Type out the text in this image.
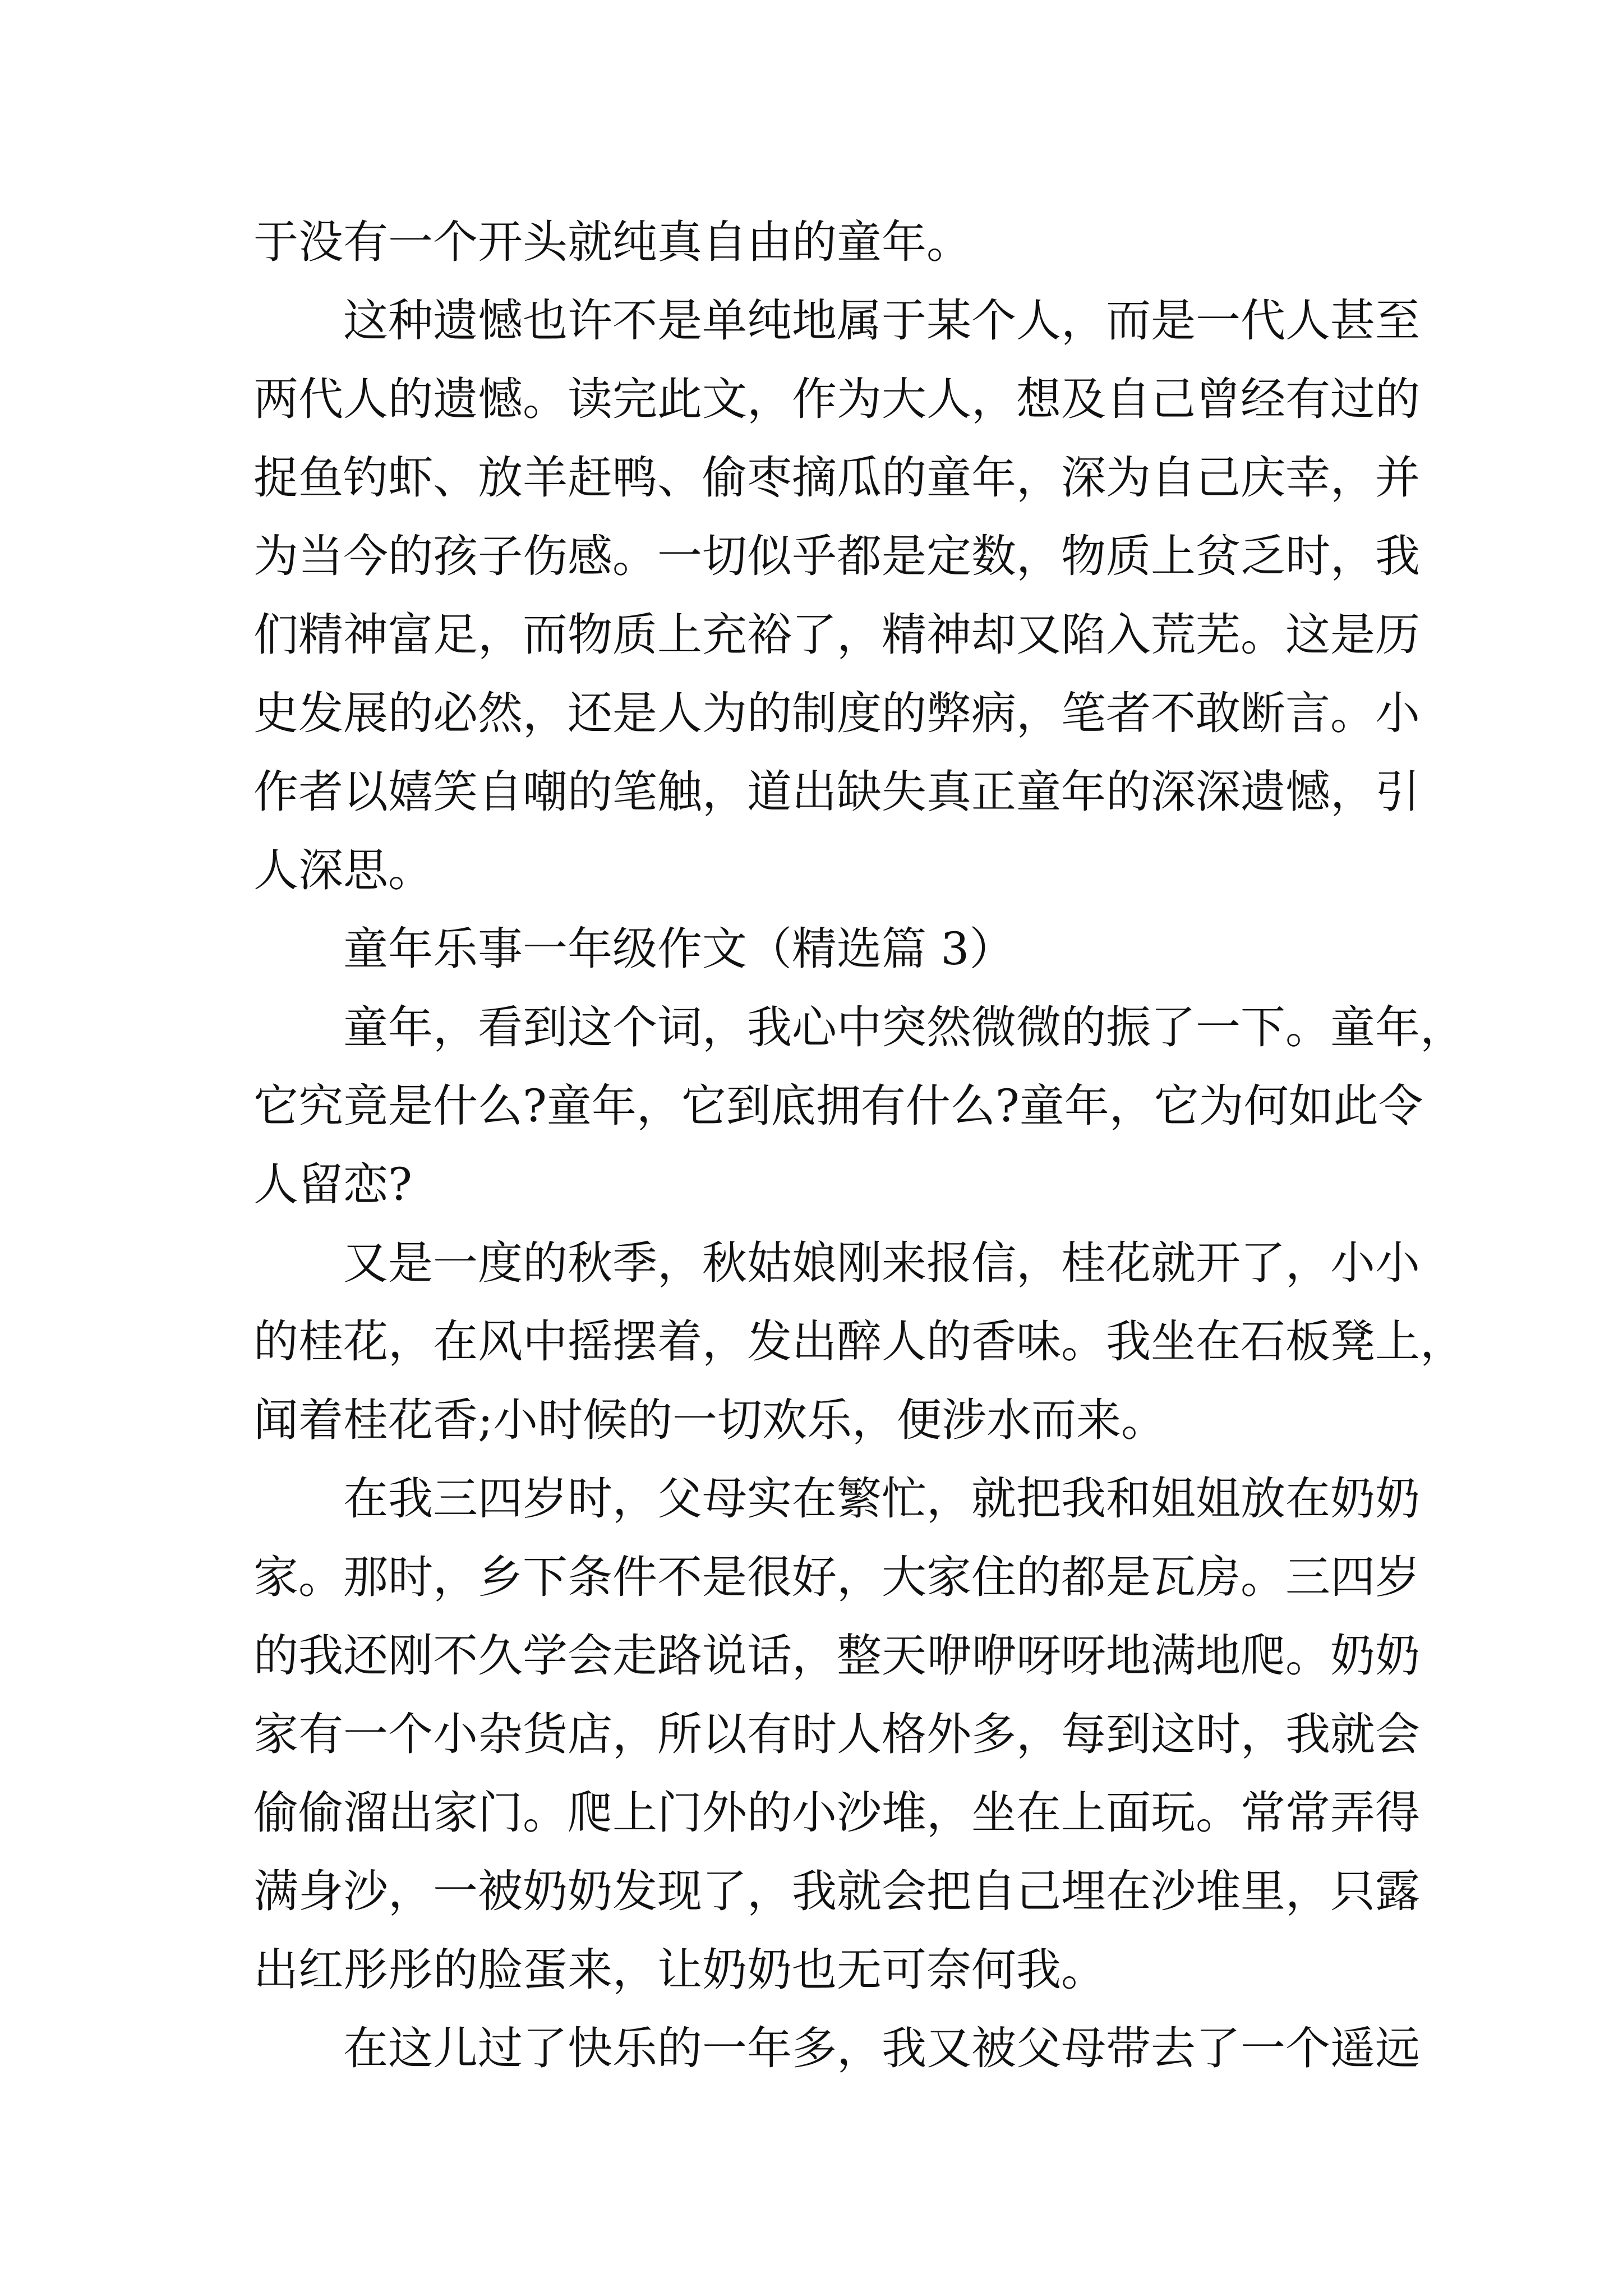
于没有一个开头就纯真自由的童年。

这种遗憾也许不是单纯地属于某个人，而是一代人甚至

两代人的遗憾。读完此文，作为大人，想及自己曾经有过的

捉鱼钓虾、放羊赶鸭、偷枣摘瓜的童年，深为自己庆幸，并

为当今的孩子伤感。一切似乎都是定数，物质上贫乏时，我

们精神富足，而物质上充裕了，精神却又陷入荒芜。这是历

史发展的必然，还是人为的制度的弊病，笔者不敢断言。小

作者以嬉笑自嘲的笔触，道出缺失真正童年的深深遗憾，引

人深思。

童年乐事一年级作文（精选篇 3）

童年，看到这个词，我心中突然微微的振了一下。童年，

它究竟是什么?童年，它到底拥有什么?童年，它为何如此令

人留恋?

又是一度的秋季，秋姑娘刚来报信，桂花就开了，小小

的桂花，在风中摇摆着，发出醉人的香味。我坐在石板凳上，

闻着桂花香;小时候的一切欢乐，便涉水而来。

在我三四岁时，父母实在繁忙，就把我和姐姐放在奶奶

家。那时，乡下条件不是很好，大家住的都是瓦房。三四岁

的我还刚不久学会走路说话，整天咿咿呀呀地满地爬。奶奶

家有一个小杂货店，所以有时人格外多，每到这时，我就会

偷偷溜出家门。爬上门外的小沙堆，坐在上面玩。常常弄得

满身沙，一被奶奶发现了，我就会把自己埋在沙堆里，只露

出红彤彤的脸蛋来，让奶奶也无可奈何我。

在这儿过了快乐的一年多，我又被父母带去了一个遥远
